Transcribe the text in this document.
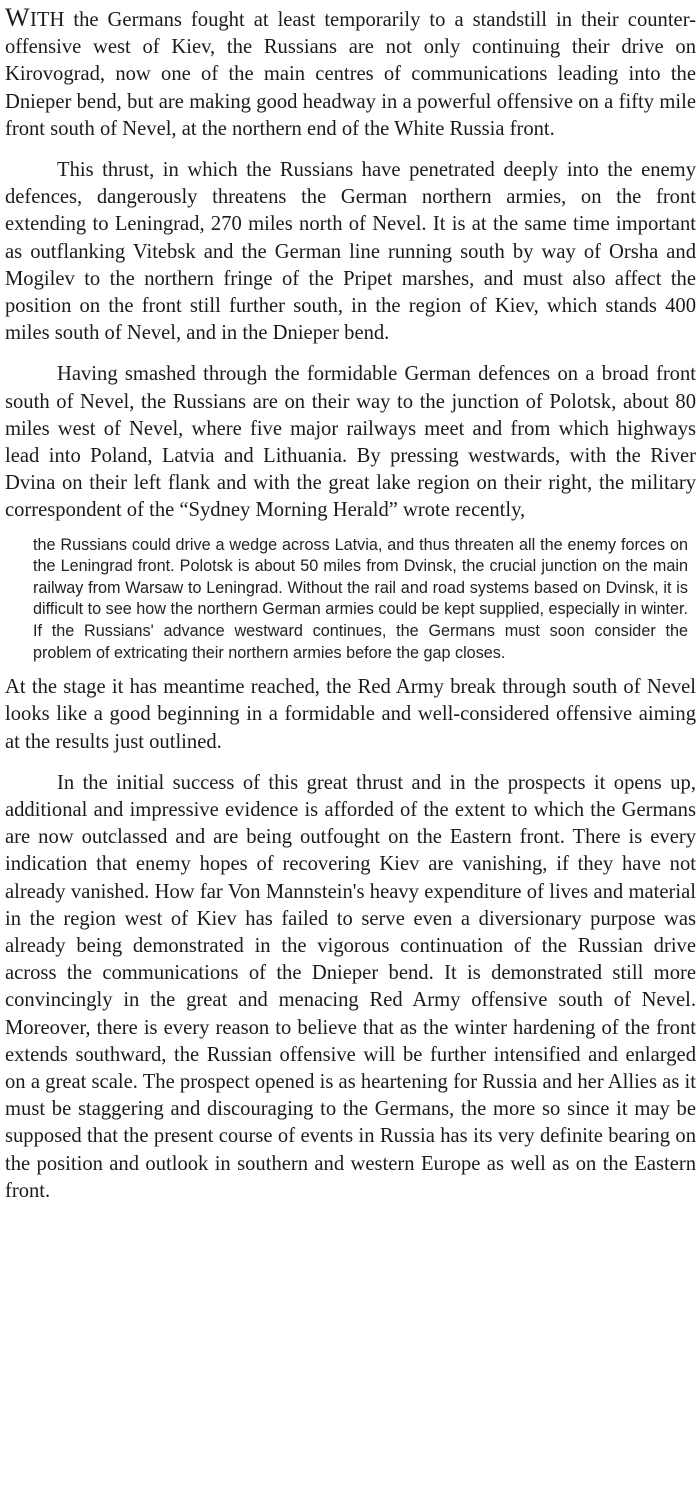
WITH the Germans fought at least temporarily to a standstill in their counter-offensive west of Kiev, the Russians are not only continuing their drive on Kirovograd, now one of the main centres of communications leading into the Dnieper bend, but are making good headway in a powerful offensive on a fifty mile front south of Nevel, at the northern end of the White Russia front.

This thrust, in which the Russians have penetrated deeply into the enemy defences, dangerously threatens the German northern armies, on the front extending to Leningrad, 270 miles north of Nevel. It is at the same time important as outflanking Vitebsk and the German line running south by way of Orsha and Mogilev to the northern fringe of the Pripet marshes, and must also affect the position on the front still further south, in the region of Kiev, which stands 400 miles south of Nevel, and in the Dnieper bend.

Having smashed through the formidable German defences on a broad front south of Nevel, the Russians are on their way to the junction of Polotsk, about 80 miles west of Nevel, where five major railways meet and from which highways lead into Poland, Latvia and Lithuania. By pressing westwards, with the River Dvina on their left flank and with the great lake region on their right, the military correspondent of the “Sydney Morning Herald” wrote recently,

the Russians could drive a wedge across Latvia, and thus threaten all the enemy forces on the Leningrad front. Polotsk is about 50 miles from Dvinsk, the crucial junction on the main railway from Warsaw to Leningrad. Without the rail and road systems based on Dvinsk, it is difficult to see how the northern German armies could be kept supplied, especially in winter. If the Russians' advance westward continues, the Germans must soon consider the problem of extricating their northern armies before the gap closes.

At the stage it has meantime reached, the Red Army break through south of Nevel looks like a good beginning in a formidable and well-considered offensive aiming at the results just outlined.

In the initial success of this great thrust and in the prospects it opens up, additional and impressive evidence is afforded of the extent to which the Germans are now outclassed and are being outfought on the Eastern front. There is every indication that enemy hopes of recovering Kiev are vanishing, if they have not already vanished. How far Von Mannstein's heavy expenditure of lives and material in the region west of Kiev has failed to serve even a diversionary purpose was already being demonstrated in the vigorous continuation of the Russian drive across the communications of the Dnieper bend. It is demonstrated still more convincingly in the great and menacing Red Army offensive south of Nevel. Moreover, there is every reason to believe that as the winter hardening of the front extends southward, the Russian offensive will be further intensified and enlarged on a great scale. The prospect opened is as heartening for Russia and her Allies as it must be staggering and discouraging to the Germans, the more so since it may be supposed that the present course of events in Russia has its very definite bearing on the position and outlook in southern and western Europe as well as on the Eastern front.
